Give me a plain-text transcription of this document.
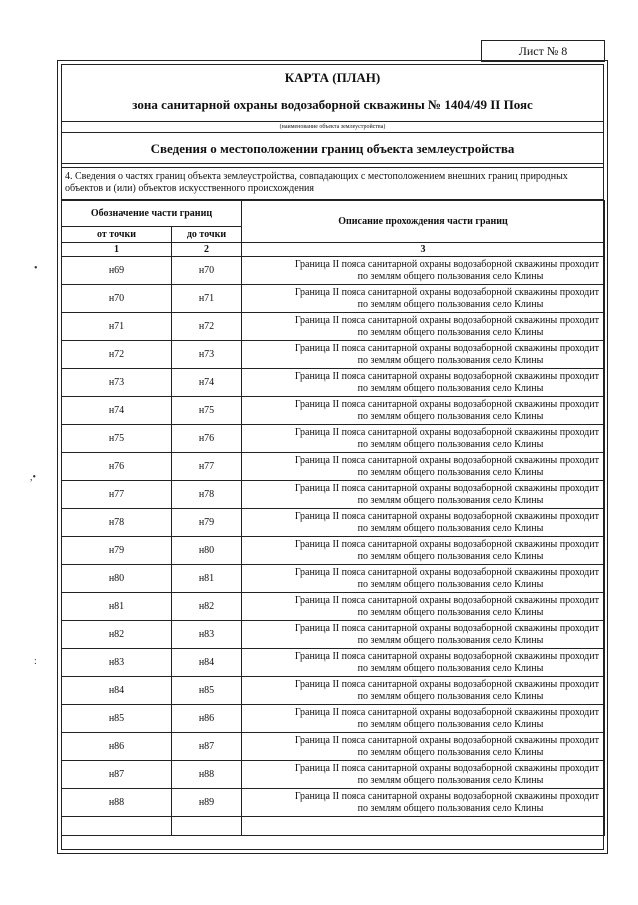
Лист № 8
КАРТА (ПЛАН)
зона санитарной охраны водозаборной скважины № 1404/49 II Пояс
(наименование объекта землеустройства)
Сведения о местоположении границ объекта землеустройства
4. Сведения о частях границ объекта землеустройства, совпадающих с местоположением внешних границ природных объектов и (или) объектов искусственного происхождения
Обозначение части границ		Описание прохождения части границ
от точки	до точки	
1	2	3
н69	н70	Граница II пояса санитарной охраны водозаборной скважины проходит

по землям общего пользования село Клины

н70	н71	Граница II пояса санитарной охраны водозаборной скважины проходит

по землям общего пользования село Клины

н71	н72	Граница II пояса санитарной охраны водозаборной скважины проходит

по землям общего пользования село Клины

н72	н73	Граница II пояса санитарной охраны водозаборной скважины проходит

по землям общего пользования село Клины

н73	н74	Граница II пояса санитарной охраны водозаборной скважины проходит

по землям общего пользования село Клины

н74	н75	Граница II пояса санитарной охраны водозаборной скважины проходит

по землям общего пользования село Клины

н75	н76	Граница II пояса санитарной охраны водозаборной скважины проходит

по землям общего пользования село Клины

н76	н77	Граница II пояса санитарной охраны водозаборной скважины проходит

по землям общего пользования село Клины

н77	н78	Граница II пояса санитарной охраны водозаборной скважины проходит

по землям общего пользования село Клины

н78	н79	Граница II пояса санитарной охраны водозаборной скважины проходит

по землям общего пользования село Клины

н79	н80	Граница II пояса санитарной охраны водозаборной скважины проходит

по землям общего пользования село Клины

н80	н81	Граница II пояса санитарной охраны водозаборной скважины проходит

по землям общего пользования село Клины

н81	н82	Граница II пояса санитарной охраны водозаборной скважины проходит

по землям общего пользования село Клины

н82	н83	Граница II пояса санитарной охраны водозаборной скважины проходит

по землям общего пользования село Клины

н83	н84	Граница II пояса санитарной охраны водозаборной скважины проходит

по землям общего пользования село Клины

н84	н85	Граница II пояса санитарной охраны водозаборной скважины проходит

по землям общего пользования село Клины

н85	н86	Граница II пояса санитарной охраны водозаборной скважины проходит

по землям общего пользования село Клины

н86	н87	Граница II пояса санитарной охраны водозаборной скважины проходит

по землям общего пользования село Клины

н87	н88	Граница II пояса санитарной охраны водозаборной скважины проходит

по землям общего пользования село Клины

н88	н89	Граница II пояса санитарной охраны водозаборной скважины проходит

по землям общего пользования село Клины

•
,•
:
